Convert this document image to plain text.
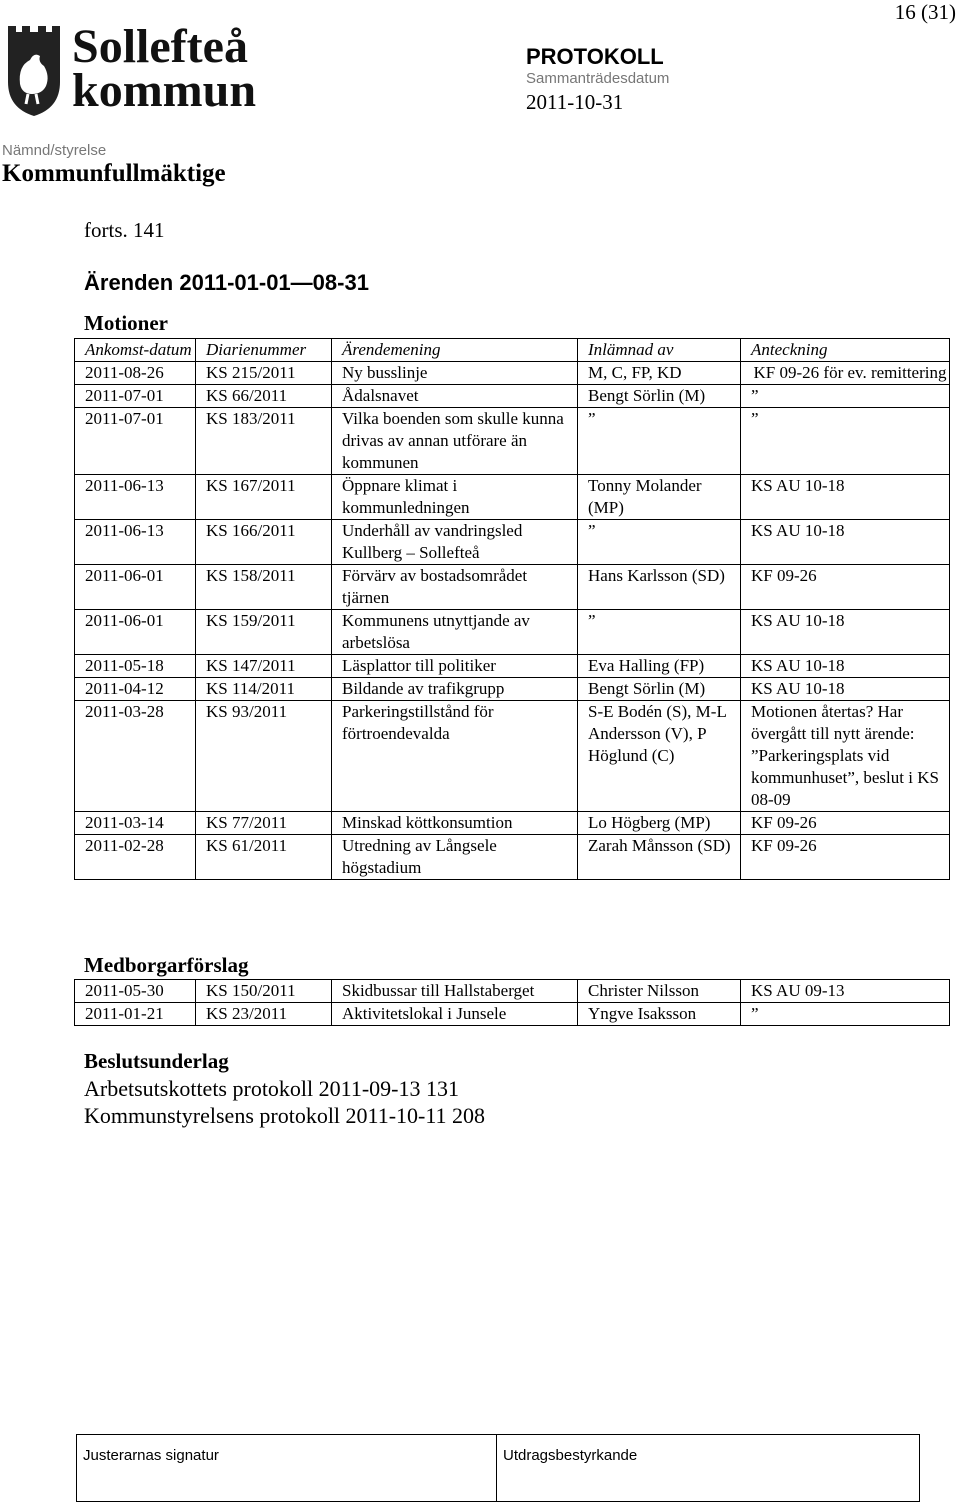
16 (31)
Sollefteå
kommun
PROTOKOLL
Sammanträdesdatum
2011-10-31
Nämnd/styrelse
Kommunfullmäktige
forts. 141
Ärenden 2011-01-01—08-31
Motioner
Ankomst-datum	Diarienummer	Ärendemening	Inlämnad av	Anteckning
2011-08-26	KS 215/2011	Ny busslinje	M, C, FP, KD	KF 09-26 för ev. remittering
2011-07-01	KS 66/2011	Ådalsnavet	Bengt Sörlin (M)	”
2011-07-01	KS 183/2011	Vilka boenden som skulle kunna drivas av annan utförare än kommunen	”	”
2011-06-13	KS 167/2011	Öppnare klimat i kommunledningen	Tonny Molander (MP)	KS AU 10-18
2011-06-13	KS 166/2011	Underhåll av vandringsled Kullberg – Sollefteå	”	KS AU 10-18
2011-06-01	KS 158/2011	Förvärv av bostadsområdet tjärnen	Hans Karlsson (SD)	KF 09-26
2011-06-01	KS 159/2011	Kommunens utnyttjande av arbetslösa	”	KS AU 10-18
2011-05-18	KS 147/2011	Läsplattor till politiker	Eva Halling (FP)	KS AU 10-18
2011-04-12	KS 114/2011	Bildande av trafikgrupp	Bengt Sörlin (M)	KS AU 10-18
2011-03-28	KS 93/2011	Parkeringstillstånd för förtroendevalda	S-E Bodén (S), M-L Andersson (V), P Höglund (C)	Motionen återtas? Har övergått till nytt ärende: ”Parkeringsplats vid kommunhuset”, beslut i KS 08-09
2011-03-14	KS 77/2011	Minskad köttkonsumtion	Lo Högberg (MP)	KF 09-26
2011-02-28	KS 61/2011	Utredning av Långsele högstadium	Zarah Månsson (SD)	KF 09-26
Medborgarförslag
2011-05-30	KS 150/2011	Skidbussar till Hallstaberget	Christer Nilsson	KS AU 09-13
2011-01-21	KS 23/2011	Aktivitetslokal i Junsele	Yngve Isaksson	”
Beslutsunderlag
Arbetsutskottets protokoll 2011-09-13 131
Kommunstyrelsens protokoll 2011-10-11 208
Justerarnas signatur	Utdragsbestyrkande
